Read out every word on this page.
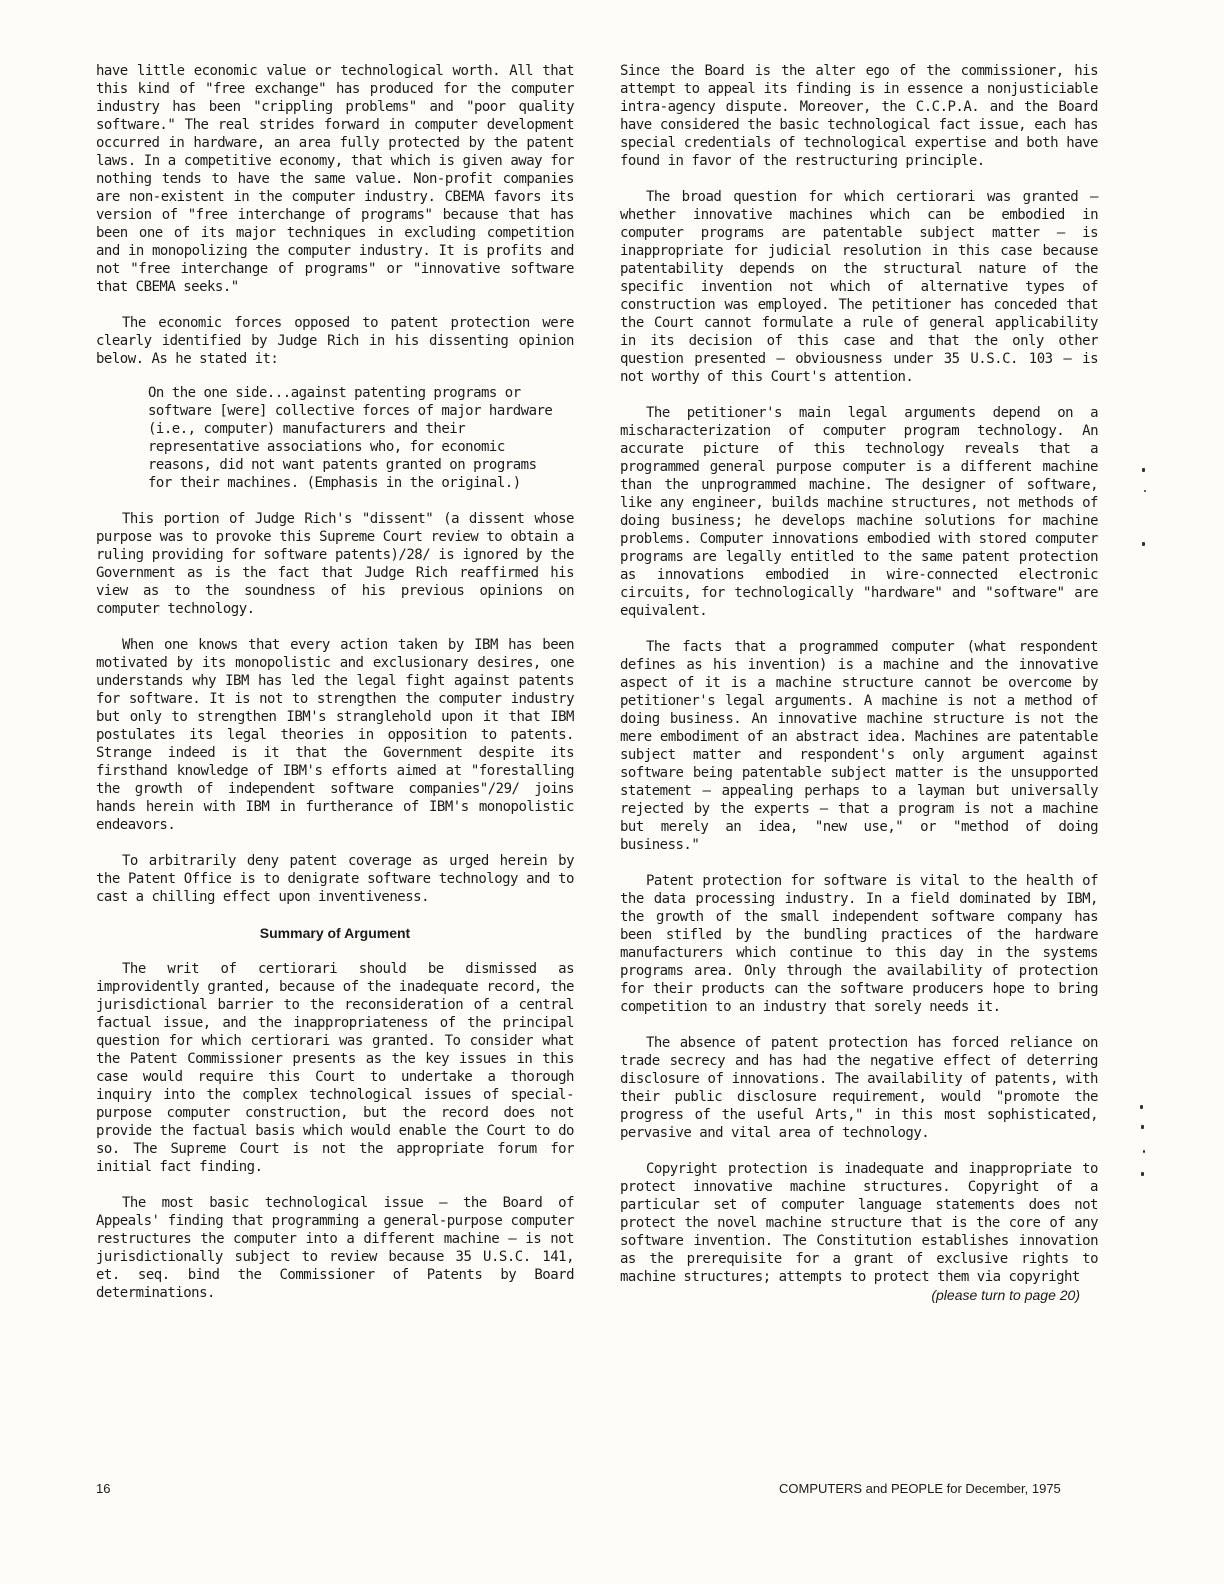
have little economic value or technological worth. All that this kind of "free exchange" has produced for the computer industry has been "crippling problems" and "poor quality software." The real strides forward in computer development occurred in hardware, an area fully protected by the patent laws. In a competitive economy, that which is given away for nothing tends to have the same value. Non-profit companies are non-existent in the computer industry. CBEMA favors its version of "free interchange of programs" because that has been one of its major techniques in excluding competition and in monopolizing the computer industry. It is profits and not "free interchange of programs" or "innovative software that CBEMA seeks."

The economic forces opposed to patent protection were clearly identified by Judge Rich in his dissenting opinion below. As he stated it:

On the one side...against patenting programs or software [were] collective forces of major hardware (i.e., computer) manufacturers and their representative associations who, for economic reasons, did not want patents granted on programs for their machines. (Emphasis in the original.)

This portion of Judge Rich's "dissent" (a dissent whose purpose was to provoke this Supreme Court review to obtain a ruling providing for software patents)/28/ is ignored by the Government as is the fact that Judge Rich reaffirmed his view as to the soundness of his previous opinions on computer technology.

When one knows that every action taken by IBM has been motivated by its monopolistic and exclusionary desires, one understands why IBM has led the legal fight against patents for software. It is not to strengthen the computer industry but only to strengthen IBM's stranglehold upon it that IBM postulates its legal theories in opposition to patents. Strange indeed is it that the Government despite its firsthand knowledge of IBM's efforts aimed at "forestalling the growth of independent software companies"/29/ joins hands herein with IBM in furtherance of IBM's monopolistic endeavors.

To arbitrarily deny patent coverage as urged herein by the Patent Office is to denigrate software technology and to cast a chilling effect upon inventiveness.

Summary of Argument

The writ of certiorari should be dismissed as improvidently granted, because of the inadequate record, the jurisdictional barrier to the reconsideration of a central factual issue, and the inappropriateness of the principal question for which certiorari was granted. To consider what the Patent Commissioner presents as the key issues in this case would require this Court to undertake a thorough inquiry into the complex technological issues of special-purpose computer construction, but the record does not provide the factual basis which would enable the Court to do so. The Supreme Court is not the appropriate forum for initial fact finding.

The most basic technological issue — the Board of Appeals' finding that programming a general-purpose computer restructures the computer into a different machine — is not jurisdictionally subject to review because 35 U.S.C. 141, et. seq. bind the Commissioner of Patents by Board determinations.

Since the Board is the alter ego of the commissioner, his attempt to appeal its finding is in essence a nonjusticiable intra-agency dispute. Moreover, the C.C.P.A. and the Board have considered the basic technological fact issue, each has special credentials of technological expertise and both have found in favor of the restructuring principle.

The broad question for which certiorari was granted — whether innovative machines which can be embodied in computer programs are patentable subject matter — is inappropriate for judicial resolution in this case because patentability depends on the structural nature of the specific invention not which of alternative types of construction was employed. The petitioner has conceded that the Court cannot formulate a rule of general applicability in its decision of this case and that the only other question presented — obviousness under 35 U.S.C. 103 — is not worthy of this Court's attention.

The petitioner's main legal arguments depend on a mischaracterization of computer program technology. An accurate picture of this technology reveals that a programmed general purpose computer is a different machine than the unprogrammed machine. The designer of software, like any engineer, builds machine structures, not methods of doing business; he develops machine solutions for machine problems. Computer innovations embodied with stored computer programs are legally entitled to the same patent protection as innovations embodied in wire-connected electronic circuits, for technologically "hardware" and "software" are equivalent.

The facts that a programmed computer (what respondent defines as his invention) is a machine and the innovative aspect of it is a machine structure cannot be overcome by petitioner's legal arguments. A machine is not a method of doing business. An innovative machine structure is not the mere embodiment of an abstract idea. Machines are patentable subject matter and respondent's only argument against software being patentable subject matter is the unsupported statement — appealing perhaps to a layman but universally rejected by the experts — that a program is not a machine but merely an idea, "new use," or "method of doing business."

Patent protection for software is vital to the health of the data processing industry. In a field dominated by IBM, the growth of the small independent software company has been stifled by the bundling practices of the hardware manufacturers which continue to this day in the systems programs area. Only through the availability of protection for their products can the software producers hope to bring competition to an industry that sorely needs it.

The absence of patent protection has forced reliance on trade secrecy and has had the negative effect of deterring disclosure of innovations. The availability of patents, with their public disclosure requirement, would "promote the progress of the useful Arts," in this most sophisticated, pervasive and vital area of technology.

Copyright protection is inadequate and inappropriate to protect innovative machine structures. Copyright of a particular set of computer language statements does not protect the novel machine structure that is the core of any software invention. The Constitution establishes innovation as the prerequisite for a grant of exclusive rights to machine structures; attempts to protect them via copyright

(please turn to page 20)
16	COMPUTERS and PEOPLE for December, 1975
